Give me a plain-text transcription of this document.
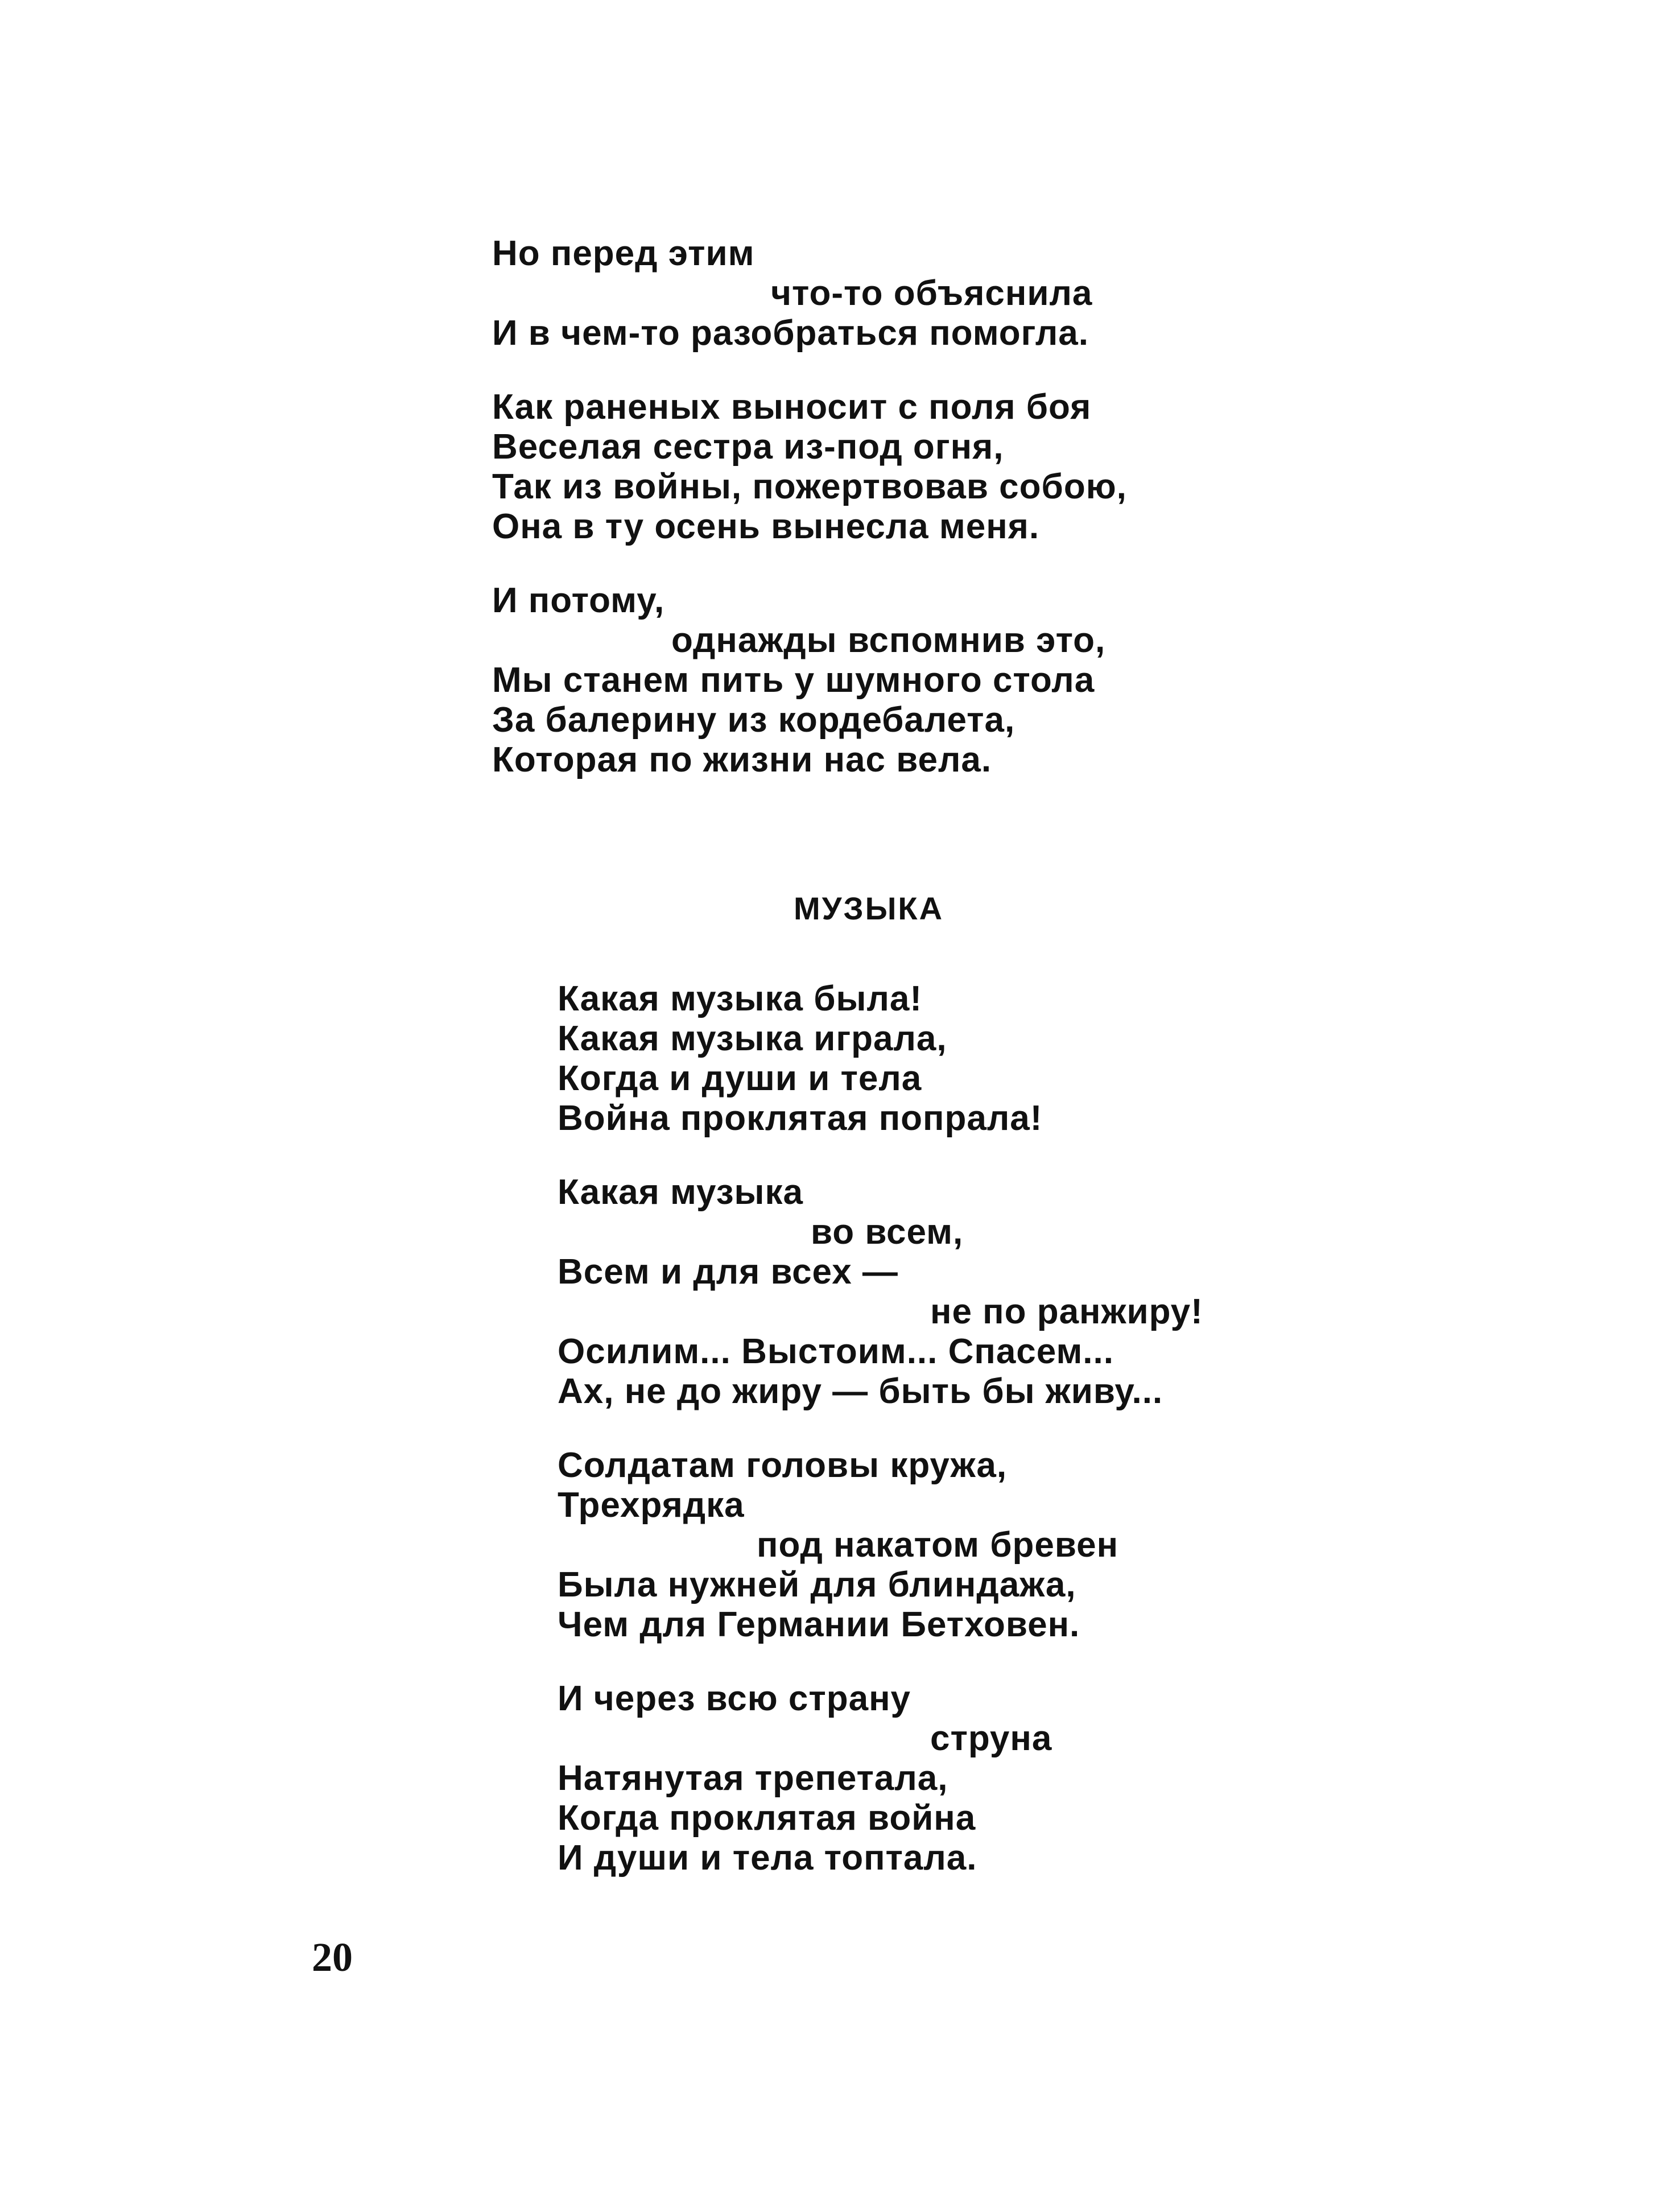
Но перед этим
что-то объяснила
И в чем-то разобраться помогла.
Как раненых выносит с поля боя
Веселая сестра из-под огня,
Так из войны, пожертвовав собою,
Она в ту осень вынесла меня.
И потому,
однажды вспомнив это,
Мы станем пить у шумного стола
За балерину из кордебалета,
Которая по жизни нас вела.
МУЗЫКА
Какая музыка была!
Какая музыка играла,
Когда и души и тела
Война проклятая попрала!
Какая музыка
во всем,
Всем и для всех —
не по ранжиру!
Осилим... Выстоим... Спасем...
Ах, не до жиру — быть бы живу...
Солдатам головы кружа,
Трехрядка
под накатом бревен
Была нужней для блиндажа,
Чем для Германии Бетховен.
И через всю страну
струна
Натянутая трепетала,
Когда проклятая война
И души и тела топтала.
20
